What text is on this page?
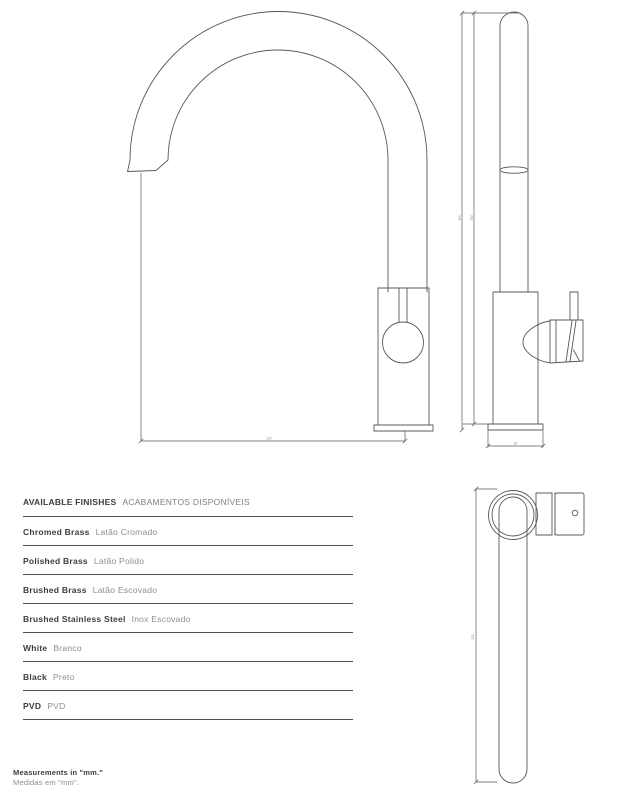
220
395	350
60
220
AVAILABLE FINISHES ACABAMENTOS DISPONÍVEIS
Chromed Brass Latão Cromado
Polished Brass Latão Polido
Brushed Brass Latão Escovado
Brushed Stainless Steel Inox Escovado
White Branco
Black Preto
PVD PVD
Measurements in "mm."
Medidas em "mm".
